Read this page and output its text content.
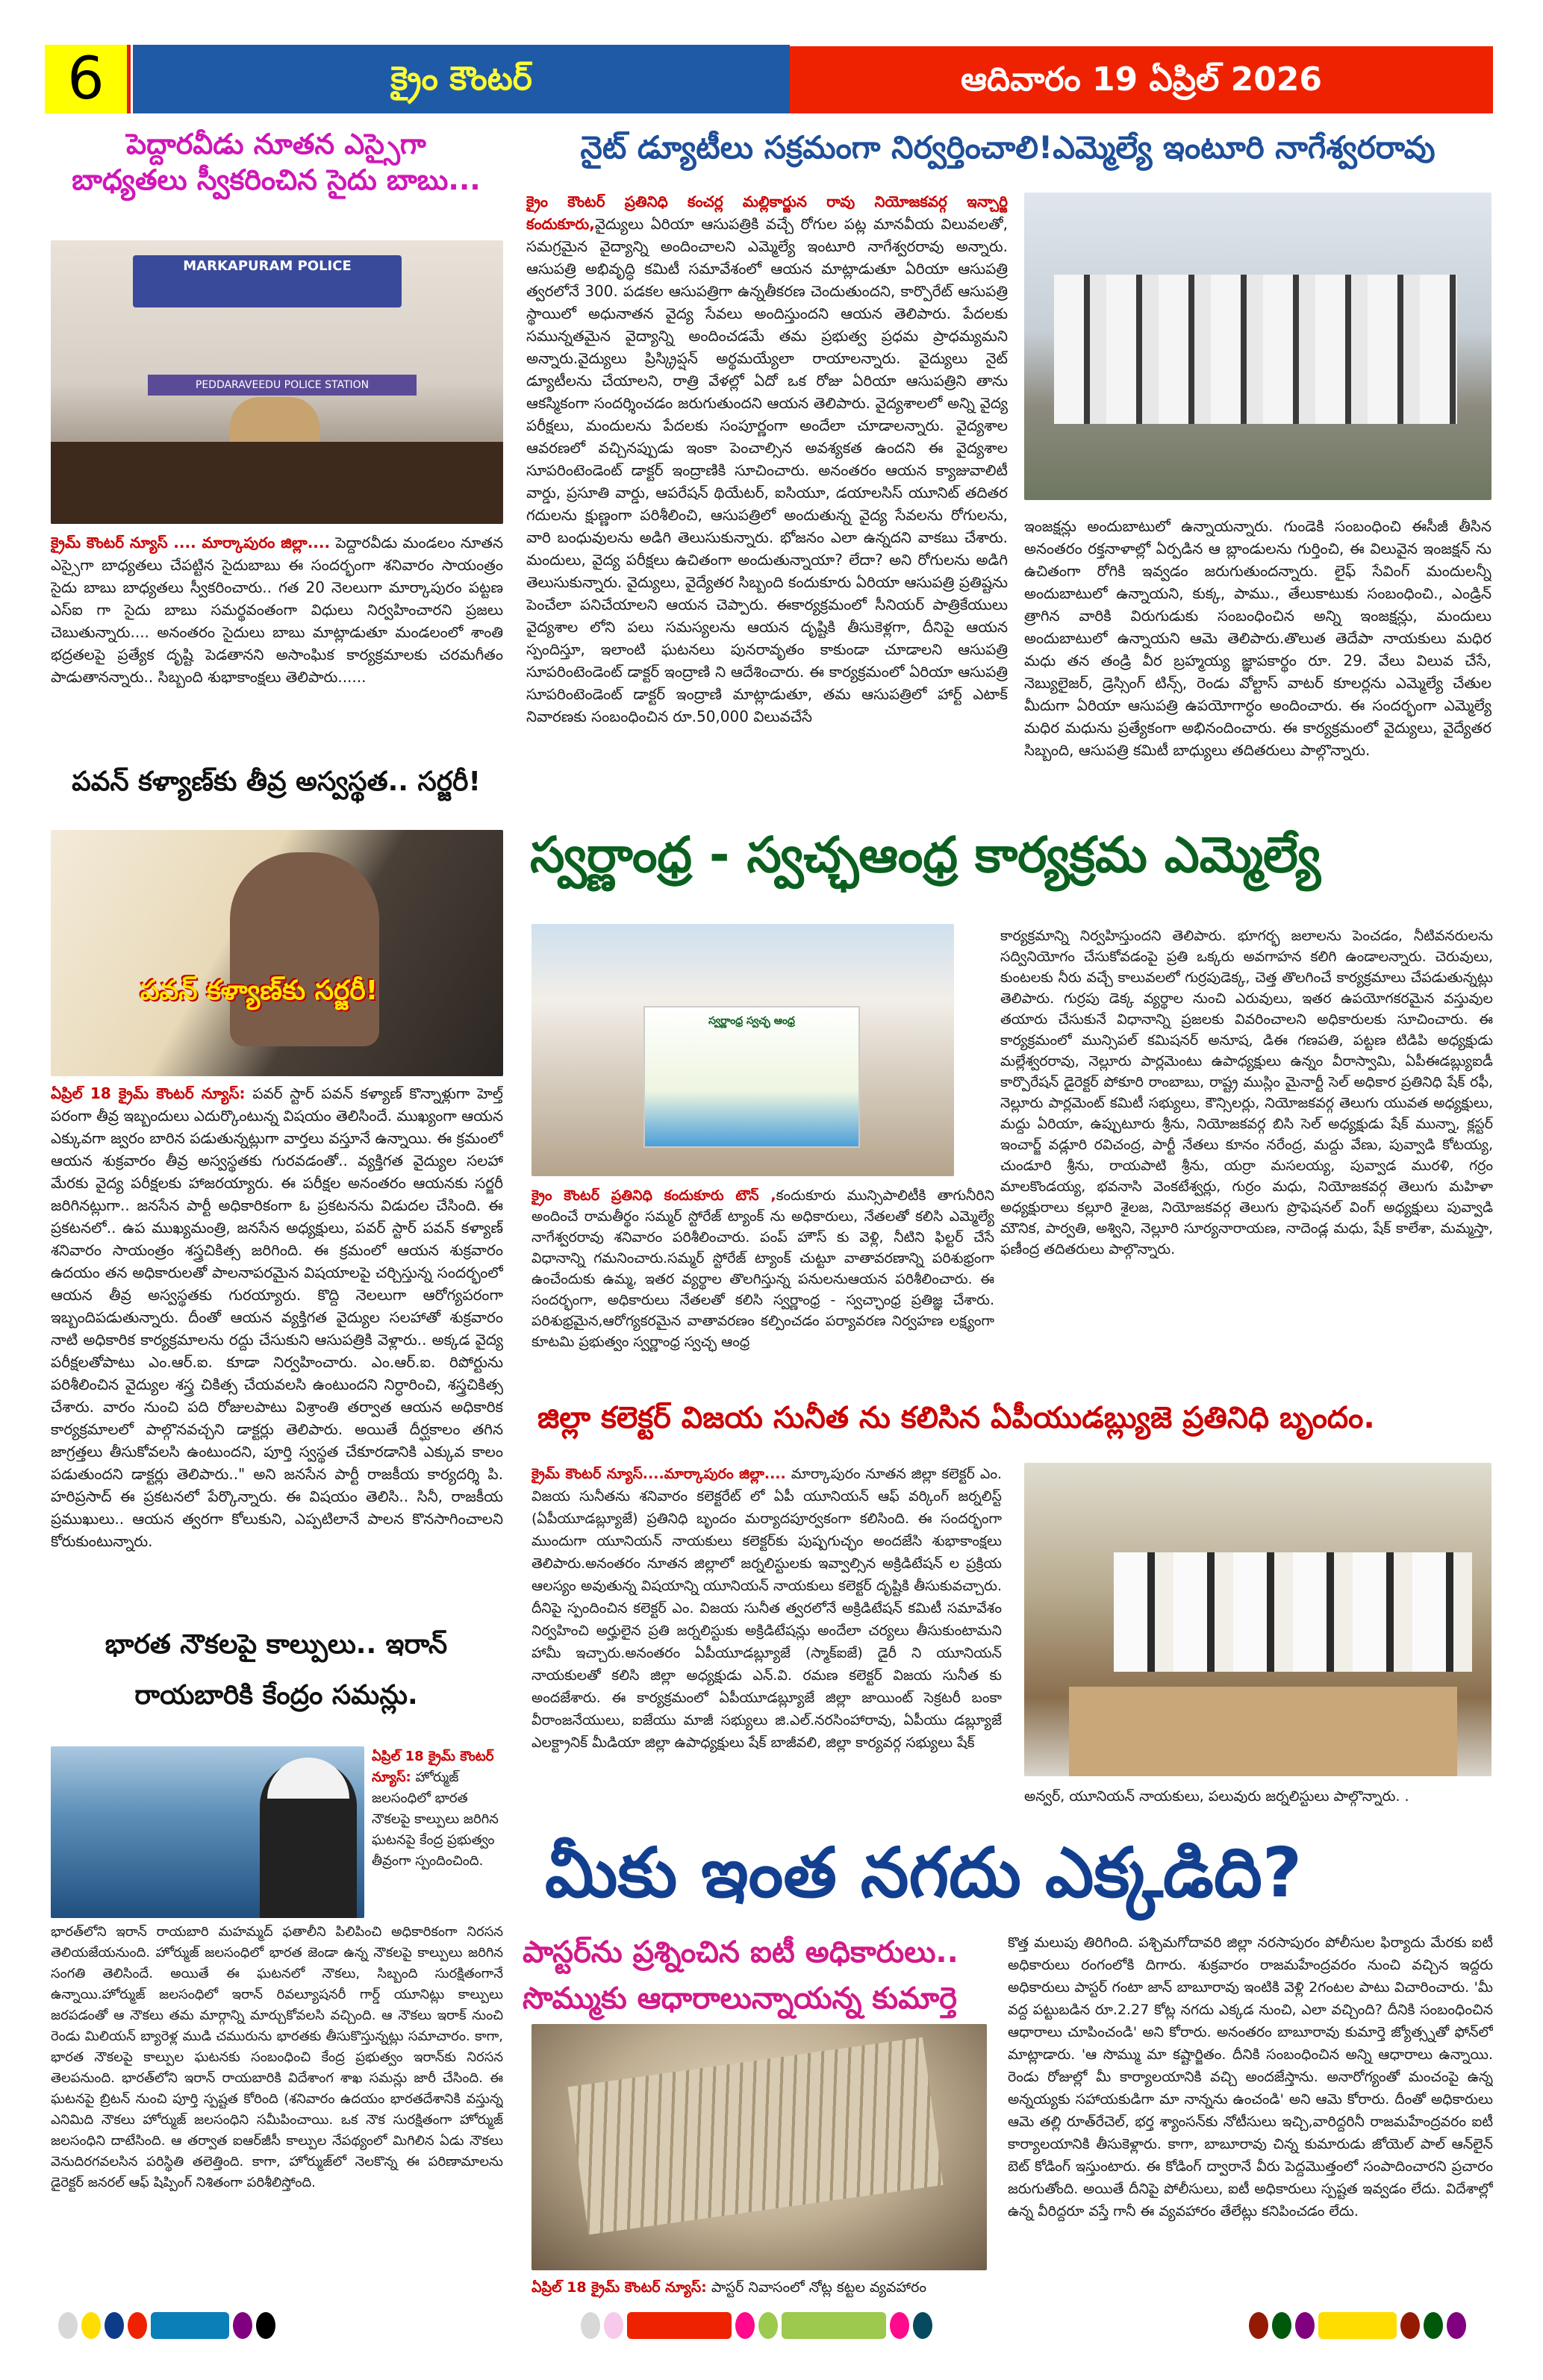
6	క్రైం కౌంటర్	ఆదివారం 19 ఏప్రిల్ 2026
పెద్దారవీడు నూతన ఎస్సైగా
బాధ్యతలు స్వీకరించిన సైదు బాబు...
MARKAPURAM POLICE
PEDDARAVEEDU POLICE STATION
క్రైమ్ కౌంటర్ న్యూస్ .... మార్కాపురం జిల్లా.... పెద్దారవీడు మండలం నూతన ఎస్సైగా బాధ్యతలు చేపట్టిన సైదుబాబు ఈ సందర్భంగా శనివారం సాయంత్రం సైదు బాబు బాధ్యతలు స్వీకరించారు.. గత 20 నెలలుగా మార్కాపురం పట్టణ ఎస్ఐ గా సైదు బాబు సమర్థవంతంగా విధులు నిర్వహించారని ప్రజలు చెబుతున్నారు.... అనంతరం సైదులు బాబు మాట్లాడుతూ మండలంలో శాంతి భద్రతలపై ప్రత్యేక దృష్టి పెడతానని అసాంఘిక కార్యక్రమాలకు చరమగీతం పాడుతానన్నారు.. సిబ్బంది శుభాకాంక్షలు తెలిపారు......
పవన్ కళ్యాణ్‌కు తీవ్ర అస్వస్థత.. సర్జరీ!
పవన్ కళ్యాణ్‌కు సర్జరీ!
ఏప్రిల్ 18 క్రైమ్ కౌంటర్ న్యూస్: పవర్ స్టార్ పవన్ కళ్యాణ్ కొన్నాళ్లుగా హెల్త్ పరంగా తీవ్ర ఇబ్బందులు ఎదుర్కొంటున్న విషయం తెలిసిందే. ముఖ్యంగా ఆయన ఎక్కువగా జ్వరం బారిన పడుతున్నట్లుగా వార్తలు వస్తూనే ఉన్నాయి. ఈ క్రమంలో ఆయన శుక్రవారం తీవ్ర అస్వస్థతకు గురవడంతో.. వ్యక్తిగత వైద్యుల సలహా మేరకు వైద్య పరీక్షలకు హాజరయ్యారు. ఈ పరీక్షల అనంతరం ఆయనకు సర్జరీ జరిగినట్లుగా.. జనసేన పార్టీ అధికారికంగా ఓ ప్రకటనను విడుదల చేసింది. ఈ ప్రకటనలో.. ఉప ముఖ్యమంత్రి, జనసేన అధ్యక్షులు, పవర్ స్టార్ పవన్ కళ్యాణ్ శనివారం సాయంత్రం శస్త్రచికిత్స జరిగింది. ఈ క్రమంలో ఆయన శుక్రవారం ఉదయం తన అధికారులతో పాలనాపరమైన విషయాలపై చర్చిస్తున్న సందర్భంలో ఆయన తీవ్ర అస్వస్థతకు గురయ్యారు. కొద్ది నెలలుగా ఆరోగ్యపరంగా ఇబ్బందిపడుతున్నారు. దీంతో ఆయన వ్యక్తిగత వైద్యుల సలహాతో శుక్రవారం నాటి అధికారిక కార్యక్రమాలను రద్దు చేసుకుని ఆసుపత్రికి వెళ్లారు.. అక్కడ వైద్య పరీక్షలతోపాటు ఎం.ఆర్.ఐ. కూడా నిర్వహించారు. ఎం.ఆర్.ఐ. రిపోర్టును పరిశీలించిన వైద్యుల శస్త్ర చికిత్స చేయవలసి ఉంటుందని నిర్ధారించి, శస్త్రచికిత్స చేశారు. వారం నుంచి పది రోజులపాటు విశ్రాంతి తర్వాత ఆయన అధికారిక కార్యక్రమాలలో పాల్గొనవచ్చని డాక్టర్లు తెలిపారు. అయితే దీర్ఘకాలం తగిన జాగ్రత్తలు తీసుకోవలసి ఉంటుందని, పూర్తి స్వస్థత చేకూరడానికి ఎక్కువ కాలం పడుతుందని డాక్టర్లు తెలిపారు.." అని జనసేన పార్టీ రాజకీయ కార్యదర్శి పి. హరిప్రసాద్ ఈ ప్రకటనలో పేర్కొన్నారు. ఈ విషయం తెలిసి.. సినీ, రాజకీయ ప్రముఖులు.. ఆయన త్వరగా కోలుకుని, ఎప్పటిలానే పాలన కొనసాగించాలని కోరుకుంటున్నారు.
భారత నౌకలపై కాల్పులు.. ఇరాన్
రాయబారికి కేంద్రం సమన్లు.
ఏప్రిల్ 18 క్రైమ్ కౌంటర్ న్యూస్: హోర్ముజ్ జలసంధిలో భారత నౌకలపై కాల్పులు జరిగిన ఘటనపై కేంద్ర ప్రభుత్వం తీవ్రంగా స్పందించింది.
భారత్‌లోని ఇరాన్ రాయబారి మహమ్మద్ ఫతాలీని పిలిపించి అధికారికంగా నిరసన తెలియజేయనుంది. హోర్ముజ్ జలసంధిలో భారత జెండా ఉన్న నౌకలపై కాల్పులు జరిగిన సంగతి తెలిసిందే. అయితే ఈ ఘటనలో నౌకలు, సిబ్బంది సురక్షితంగానే ఉన్నాయి.హోర్ముజ్ జలసంధిలో ఇరాన్ రివల్యూషనరీ గార్డ్ యూనిట్లు కాల్పులు జరపడంతో ఆ నౌకలు తమ మార్గాన్ని మార్చుకోవలసి వచ్చింది. ఆ నౌకలు ఇరాక్ నుంచి రెండు మిలియన్ బ్యారెళ్ల ముడి చమురును భారతకు తీసుకొస్తున్నట్లు సమాచారం. కాగా, భారత నౌకలపై కాల్పుల ఘటనకు సంబంధించి కేంద్ర ప్రభుత్వం ఇరాన్‌కు నిరసన తెలపనుంది. భారత్‌లోని ఇరాన్ రాయబారికి విదేశాంగ శాఖ సమన్లు జారీ చేసింది. ఈ ఘటనపై బ్రిటన్ నుంచి పూర్తి స్పష్టత కోరింది (శనివారం ఉదయం భారతదేశానికి వస్తున్న ఎనిమిది నౌకలు హోర్ముజ్ జలసంధిని సమీపించాయి. ఒక నౌక సురక్షితంగా హోర్ముజ్ జలసంధిని దాటేసింది. ఆ తర్వాత ఐఆర్‌జీసీ కాల్పుల నేపథ్యంలో మిగిలిన ఏడు నౌకలు వెనుదిరగవలసిన పరిస్థితి తలెత్తింది. కాగా, హోర్ముజ్‌లో నెలకొన్న ఈ పరిణామాలను డైరెక్టర్ జనరల్ ఆఫ్ షిప్పింగ్ నిశితంగా పరిశీలిస్తోంది.
నైట్ డ్యూటీలు సక్రమంగా నిర్వర్తించాలి!ఎమ్మెల్యే ఇంటూరి నాగేశ్వరరావు
క్రైం కౌంటర్ ప్రతినిధి కంచర్ల మల్లికార్జున రావు నియోజకవర్గ ఇన్చార్జి కందుకూరు,వైద్యులు ఏరియా ఆసుపత్రికి వచ్చే రోగుల పట్ల మానవీయ విలువలతో, సమగ్రమైన వైద్యాన్ని అందించాలని ఎమ్మెల్యే ఇంటూరి నాగేశ్వరరావు అన్నారు. ఆసుపత్రి అభివృద్ధి కమిటీ సమావేశంలో ఆయన మాట్లాడుతూ ఏరియా ఆసుపత్రి త్వరలోనే 300. పడకల ఆసుపత్రిగా ఉన్నతీకరణ చెందుతుందని, కార్పొరేట్ ఆసుపత్రి స్థాయిలో అధునాతన వైద్య సేవలు అందిస్తుందని ఆయన తెలిపారు. పేదలకు సమున్నతమైన వైద్యాన్ని అందించడమే తమ ప్రభుత్వ ప్రధమ ప్రాధమ్యమని అన్నారు.వైద్యులు ప్రిస్క్రిప్షన్ అర్థమయ్యేలా రాయాలన్నారు. వైద్యులు నైట్ డ్యూటీలను చేయాలని, రాత్రి వేళల్లో ఏదో ఒక రోజు ఏరియా ఆసుపత్రిని తాను ఆకస్మికంగా సందర్శించడం జరుగుతుందని ఆయన తెలిపారు. వైద్యశాలలో అన్ని వైద్య పరీక్షలు, మందులను పేదలకు సంపూర్ణంగా అందేలా చూడాలన్నారు. వైద్యశాల ఆవరణలో వచ్చినప్పుడు ఇంకా పెంచాల్సిన అవశ్యకత ఉందని ఈ వైద్యశాల సూపరింటెండెంట్ డాక్టర్ ఇంద్రాణికి సూచించారు. అనంతరం ఆయన క్యాజువాలిటీ వార్డు, ప్రసూతి వార్డు, ఆపరేషన్ థియేటర్, ఐసియూ, డయాలసిస్ యూనిట్ తదితర గదులను క్షుణ్ణంగా పరిశీలించి, ఆసుపత్రిలో అందుతున్న వైద్య సేవలను రోగులను, వారి బంధువులను అడిగి తెలుసుకున్నారు. భోజనం ఎలా ఉన్నదని వాకబు చేశారు. మందులు, వైద్య పరీక్షలు ఉచితంగా అందుతున్నాయా? లేదా? అని రోగులను అడిగి తెలుసుకున్నారు. వైద్యులు, వైద్యేతర సిబ్బంది కందుకూరు ఏరియా ఆసుపత్రి ప్రతిష్టను పెంచేలా పనిచేయాలని ఆయన చెప్పారు. ఈకార్యక్రమంలో సీనియర్ పాత్రికేయులు వైద్యశాల లోని పలు సమస్యలను ఆయన దృష్టికి తీసుకెళ్లగా, దీనిపై ఆయన స్పందిస్తూ, ఇలాంటి ఘటనలు పునరావృతం కాకుండా చూడాలని ఆసుపత్రి సూపరింటెండెంట్ డాక్టర్ ఇంద్రాణి ని ఆదేశించారు. ఈ కార్యక్రమంలో ఏరియా ఆసుపత్రి సూపరింటెండెంట్ డాక్టర్ ఇంద్రాణి మాట్లాడుతూ, తమ ఆసుపత్రిలో హార్ట్ ఎటాక్ నివారణకు సంబంధించిన రూ.50,000 విలువచేసే
ఇంజక్షన్లు అందుబాటులో ఉన్నాయన్నారు. గుండెకి సంబంధించి ఈసీజీ తీసిన అనంతరం రక్తనాళాల్లో ఏర్పడిన ఆ బ్లాండులను గుర్తించి, ఈ విలువైన ఇంజక్షన్ ను ఉచితంగా రోగికి ఇవ్వడం జరుగుతుందన్నారు. లైఫ్ సేవింగ్ మందులన్నీ అందుబాటులో ఉన్నాయని, కుక్క, పాము., తేలుకాటుకు సంబంధించి., ఎండ్రిన్ త్రాగిన వారికి విరుగుడుకు సంబంధించిన అన్ని ఇంజక్షన్లు, మందులు అందుబాటులో ఉన్నాయని ఆమె తెలిపారు.తొలుత తెదేపా నాయకులు మధిర మధు తన తండ్రి వీర బ్రహ్మయ్య జ్ఞాపకార్థం రూ. 29. వేలు విలువ చేసే, నెబ్యులైజర్, డ్రెస్సింగ్ టిన్స్, రెండు వోల్టాస్ వాటర్ కూలర్లను ఎమ్మెల్యే చేతుల మీదుగా ఏరియా ఆసుపత్రి ఉపయోగార్ధం అందించారు. ఈ సందర్భంగా ఎమ్మెల్యే మధిర మధును ప్రత్యేకంగా అభినందించారు. ఈ కార్యక్రమంలో వైద్యులు, వైద్యేతర సిబ్బంది, ఆసుపత్రి కమిటీ బాధ్యులు తదితరులు పాల్గొన్నారు.
స్వర్ణాంధ్ర - స్వచ్ఛఆంధ్ర కార్యక్రమ ఎమ్మెల్యే
స్వర్ణాంధ్ర స్వచ్ఛ ఆంధ్ర
క్రైం కౌంటర్ ప్రతినిధి కందుకూరు టౌన్ ,కందుకూరు మున్సిపాలిటీకి తాగునీరిని అందించే రామతీర్థం సమ్మర్ స్టోరేజ్ ట్యాంక్ ను అధికారులు, నేతలతో కలిసి ఎమ్మెల్యే నాగేశ్వరరావు శనివారం పరిశీలించారు. పంప్ హౌస్ కు వెళ్లి, నీటిని ఫిల్టర్ చేసే విధానాన్ని గమనించారు.సమ్మర్ స్టోరేజ్ ట్యాంక్ చుట్టూ వాతావరణాన్ని పరిశుభ్రంగా ఉంచేందుకు ఉమ్మ, ఇతర వ్యర్థాల తొలగిస్తున్న పనులనుఆయన పరిశీలించారు. ఈ సందర్భంగా, అధికారులు నేతలతో కలిసి స్వర్ణాంధ్ర - స్వచ్ఛాంధ్ర ప్రతిజ్ఞ చేశారు. పరిశుభ్రమైన,ఆరోగ్యకరమైన వాతావరణం కల్పించడం పర్యావరణ నిర్వహణ లక్ష్యంగా కూటమి ప్రభుత్వం స్వర్ణాంధ్ర స్వచ్ఛ ఆంధ్ర
కార్యక్రమాన్ని నిర్వహిస్తుందని తెలిపారు. భూగర్భ జలాలను పెంచడం, నీటివనరులను సద్వినియోగం చేసుకోవడంపై ప్రతి ఒక్కరు అవగాహన కలిగి ఉండాలన్నారు. చెరువులు, కుంటలకు నీరు వచ్చే కాలువలలో గుర్రపుడెక్క, చెత్త తొలగించే కార్యక్రమాలు చేపడుతున్నట్లు తెలిపారు. గుర్రపు డెక్క వ్యర్థాల నుంచి ఎరువులు, ఇతర ఉపయోగకరమైన వస్తువుల తయారు చేసుకునే విధానాన్ని ప్రజలకు వివరించాలని అధికారులకు సూచించారు. ఈ కార్యక్రమంలో మున్సిపల్ కమిషనర్ అనూష, డిఈ గణపతి, పట్టణ టిడిపి అధ్యక్షుడు మల్లేశ్వరరావు, నెల్లూరు పార్లమెంటు ఉపాధ్యక్షులు ఉన్నం వీరాస్వామి, ఏపీఈడబ్ల్యుఐడీ కార్పొరేషన్ డైరెక్టర్ పోకూరి రాంబాబు, రాష్ట్ర ముస్లిం మైనార్టీ సెల్ అధికార ప్రతినిధి షేక్ రఫీ, నెల్లూరు పార్లమెంట్ కమిటీ సభ్యులు, కౌన్సిలర్లు, నియోజకవర్గ తెలుగు యువత అధ్యక్షులు, మద్దు ఏరియా, ఉప్పుటూరు శ్రీను, నియోజకవర్గ బిసి సెల్ అధ్యక్షుడు షేక్ మున్నా, క్లస్టర్ ఇంచార్జ్ వడ్లూరి రవిచంద్ర, పార్టీ నేతలు కూనం నరేంద్ర, మద్దు వేణు, పువ్వాడి కోటయ్య, చుండూరి శ్రీను, రాయపాటి శ్రీను, యర్రా మసలయ్య, పువ్వాడ మురళి, గర్రం మాలకొండయ్య, భవనాసి వెంకటేశ్వర్లు, గుర్రం మధు, నియోజకవర్గ తెలుగు మహిళా అధ్యక్షురాలు కల్లూరి శైలజ, నియోజకవర్గ తెలుగు ప్రొఫెషనల్ వింగ్ అధ్యక్షులు పువ్వాడి మౌనిక, పార్వతి, అశ్విని, నెల్లూరి సూర్యనారాయణ, నాదెండ్ల మధు, షేక్ కాలేశా, మమ్మస్తా, ఫణీంద్ర తదితరులు పాల్గొన్నారు.
జిల్లా కలెక్టర్ విజయ సునీత ను కలిసిన ఏపీయుడబ్ల్యుజె ప్రతినిధి బృందం.
క్రైమ్ కౌంటర్ న్యూస్....మార్కాపురం జిల్లా.... మార్కాపురం నూతన జిల్లా కలెక్టర్ ఎం. విజయ సునీతను శనివారం కలెక్టరేట్ లో ఏపీ యూనియన్ ఆఫ్ వర్కింగ్ జర్నలిస్ట్ (ఏపీయూడబ్ల్యూజే) ప్రతినిధి బృందం మర్యాదపూర్వకంగా కలిసింది. ఈ సందర్భంగా ముందుగా యూనియన్ నాయకులు కలెక్టర్‌కు పుష్పగుచ్ఛం అందజేసి శుభాకాంక్షలు తెలిపారు.అనంతరం నూతన జిల్లాలో జర్నలిస్టులకు ఇవ్వాల్సిన అక్రిడిటేషన్ ల ప్రక్రియ ఆలస్యం అవుతున్న విషయాన్ని యూనియన్ నాయకులు కలెక్టర్ దృష్టికి తీసుకువచ్చారు. దీనిపై స్పందించిన కలెక్టర్ ఎం. విజయ సునీత త్వరలోనే అక్రిడిటేషన్ కమిటీ సమావేశం నిర్వహించి అర్హులైన ప్రతి జర్నలిస్టుకు అక్రిడిటేషన్లు అందేలా చర్యలు తీసుకుంటామని హామీ ఇచ్చారు.అనంతరం ఏపీయూడబ్ల్యూజే (స్మాక్‌ఐజే) డైరీ ని యూనియన్ నాయకులతో కలిసి జిల్లా అధ్యక్షుడు ఎన్.వి. రమణ కలెక్టర్ విజయ సునీత కు అందజేశారు. ఈ కార్యక్రమంలో ఏపీయూడబ్ల్యూజే జిల్లా జాయింట్ సెక్రటరీ బంకా వీరాంజనేయులు, ఐజేయు మాజీ సభ్యులు జి.ఎల్.నరసింహారావు, ఏపీయు డబ్ల్యూజే ఎలక్ట్రానిక్ మీడియా జిల్లా ఉపాధ్యక్షులు షేక్ బాజీవలి, జిల్లా కార్యవర్గ సభ్యులు షేక్
అన్వర్, యూనియన్ నాయకులు, పలువురు జర్నలిస్టులు పాల్గొన్నారు. .
మీకు ఇంత నగదు ఎక్కడిది?
పాస్టర్‌ను ప్రశ్నించిన ఐటీ అధికారులు..
సొమ్ముకు ఆధారాలున్నాయన్న కుమార్తె
ఏప్రిల్ 18 క్రైమ్ కౌంటర్ న్యూస్: పాస్టర్ నివాసంలో నోట్ల కట్టల వ్యవహారం
కొత్త మలుపు తిరిగింది. పశ్చిమగోదావరి జిల్లా నరసాపురం పోలీసుల ఫిర్యాదు మేరకు ఐటీ అధికారులు రంగంలోకి దిగారు. శుక్రవారం రాజమహేంద్రవరం నుంచి వచ్చిన ఇద్దరు అధికారులు పాస్టర్ గంటా జాన్ బాబూరావు ఇంటికి వెళ్లి 2గంటల పాటు విచారించారు. 'మీ వద్ద పట్టుబడిన రూ.2.27 కోట్ల నగదు ఎక్కడ నుంచి, ఎలా వచ్చింది? దీనికి సంబంధించిన ఆధారాలు చూపించండి' అని కోరారు. అనంతరం బాబూరావు కుమార్తె జ్యోత్స్నతో ఫోన్‌లో మాట్లాడారు. 'ఆ సొమ్ము మా కష్టార్జితం. దీనికి సంబంధించిన అన్ని ఆధారాలు ఉన్నాయి. రెండు రోజుల్లో మీ కార్యాలయానికి వచ్చి అందజేస్తాను. అనారోగ్యంతో మంచంపై ఉన్న అన్నయ్యకు సహాయకుడిగా మా నాన్నను ఉంచండి' అని ఆమె కోరారు. దీంతో అధికారులు ఆమె తల్లి రూత్‌రేచెల్, భర్త శ్యాంసన్‌కు నోటీసులు ఇచ్చి,వారిద్దరినీ రాజమహేంద్రవరం ఐటీ కార్యాలయానికి తీసుకెళ్లారు. కాగా, బాబూరావు చిన్న కుమారుడు జోయెల్ పాల్ ఆన్‌లైన్ బెట్ కోడింగ్ ఇస్తుంటారు. ఈ కోడింగ్ ద్వారానే వీరు పెద్దమొత్తంలో సంపాదించారని ప్రచారం జరుగుతోంది. అయితే దీనిపై పోలీసులు, ఐటీ అధికారులు స్పష్టత ఇవ్వడం లేదు. విదేశాల్లో ఉన్న వీరిద్దరూ వస్తే గానీ ఈ వ్యవహారం తేలేట్లు కనిపించడం లేదు.
